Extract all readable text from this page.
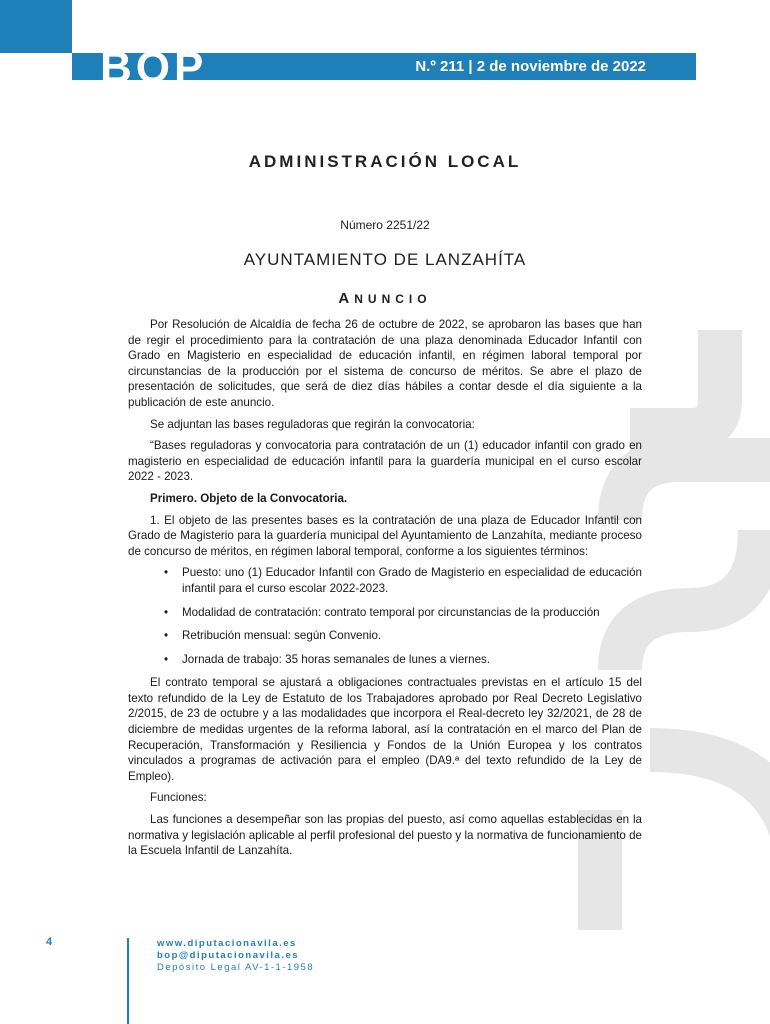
BOP	N.º 211 | 2 de noviembre de 2022
ADMINISTRACIÓN LOCAL
Número 2251/22
AYUNTAMIENTO DE LANZAHÍTA
ANUNCIO

Por Resolución de Alcaldía de fecha 26 de octubre de 2022, se aprobaron las bases que han de regir el procedimiento para la contratación de una plaza denominada Educador Infantil con Grado en Magisterio en especialidad de educación infantil, en régimen laboral temporal por circunstancias de la producción por el sistema de concurso de méritos. Se abre el plazo de presentación de solicitudes, que será de diez días hábiles a contar desde el día siguiente a la publicación de este anuncio.

Se adjuntan las bases reguladoras que regirán la convocatoria:

“Bases reguladoras y convocatoria para contratación de un (1) educador infantil con grado en magisterio en especialidad de educación infantil para la guardería municipal en el curso escolar 2022 - 2023.

Primero. Objeto de la Convocatoria.

1. El objeto de las presentes bases es la contratación de una plaza de Educador Infantil con Grado de Magisterio para la guardería municipal del Ayuntamiento de Lanzahíta, mediante proceso de concurso de méritos, en régimen laboral temporal, conforme a los siguientes términos:

• Puesto: uno (1) Educador Infantil con Grado de Magisterio en especialidad de educación infantil para el curso escolar 2022-2023.
• Modalidad de contratación: contrato temporal por circunstancias de la producción
• Retribución mensual: según Convenio.
• Jornada de trabajo: 35 horas semanales de lunes a viernes.

El contrato temporal se ajustará a obligaciones contractuales previstas en el artículo 15 del texto refundido de la Ley de Estatuto de los Trabajadores aprobado por Real Decreto Legislativo 2/2015, de 23 de octubre y a las modalidades que incorpora el Real-decreto ley 32/2021, de 28 de diciembre de medidas urgentes de la reforma laboral, así la contratación en el marco del Plan de Recuperación, Transformación y Resiliencia y Fondos de la Unión Europea y los contratos vinculados a programas de activación para el empleo (DA9.ª del texto refundido de la Ley de Empleo).

Funciones:

Las funciones a desempeñar son las propias del puesto, así como aquellas establecidas en la normativa y legislación aplicable al perfil profesional del puesto y la normativa de funcionamiento de la Escuela Infantil de Lanzahíta.

4	www.diputacionavila.es
bop@diputacionavila.es
Depósito Legal AV-1-1-1958
